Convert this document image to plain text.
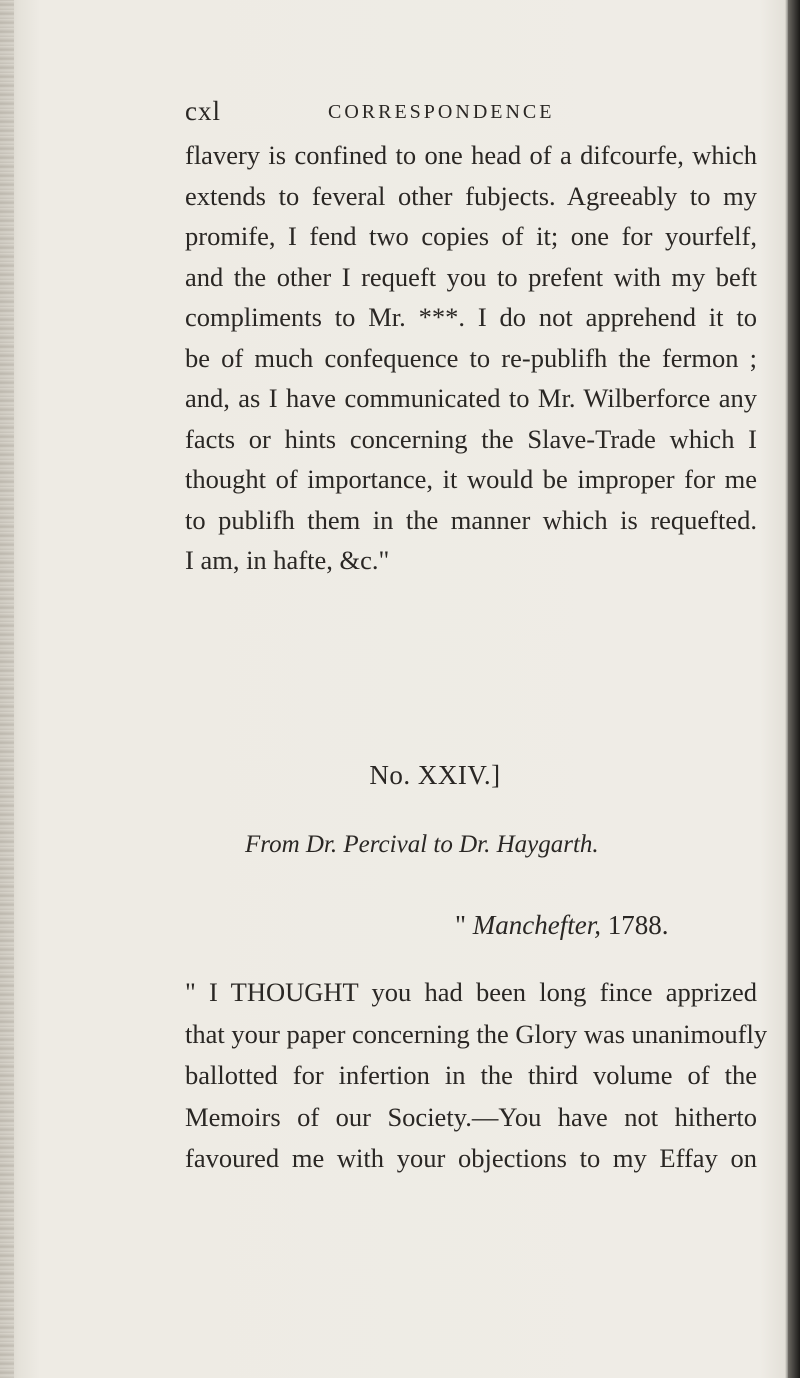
cxl	CORRESPONDENCE
flavery is confined to one head of a difcourfe, which
extends to feveral other fubjects. Agreeably to my
promife, I fend two copies of it; one for yourfelf,
and the other I requeft you to prefent with my beft
compliments to Mr. ***. I do not apprehend it to
be of much confequence to re-publifh the fermon ;
and, as I have communicated to Mr. Wilberforce any
facts or hints concerning the Slave-Trade which I
thought of importance, it would be improper for me
to publifh them in the manner which is requefted.
I am, in hafte, &c."
No. XXIV.]
From Dr. Percival to Dr. Haygarth.
" Manchefter, 1788.
" I THOUGHT you had been long fince apprized
that your paper concerning the Glory was unanimoufly
ballotted for infertion in the third volume of the
Memoirs of our Society.—You have not hitherto
favoured me with your objections to my Effay on
